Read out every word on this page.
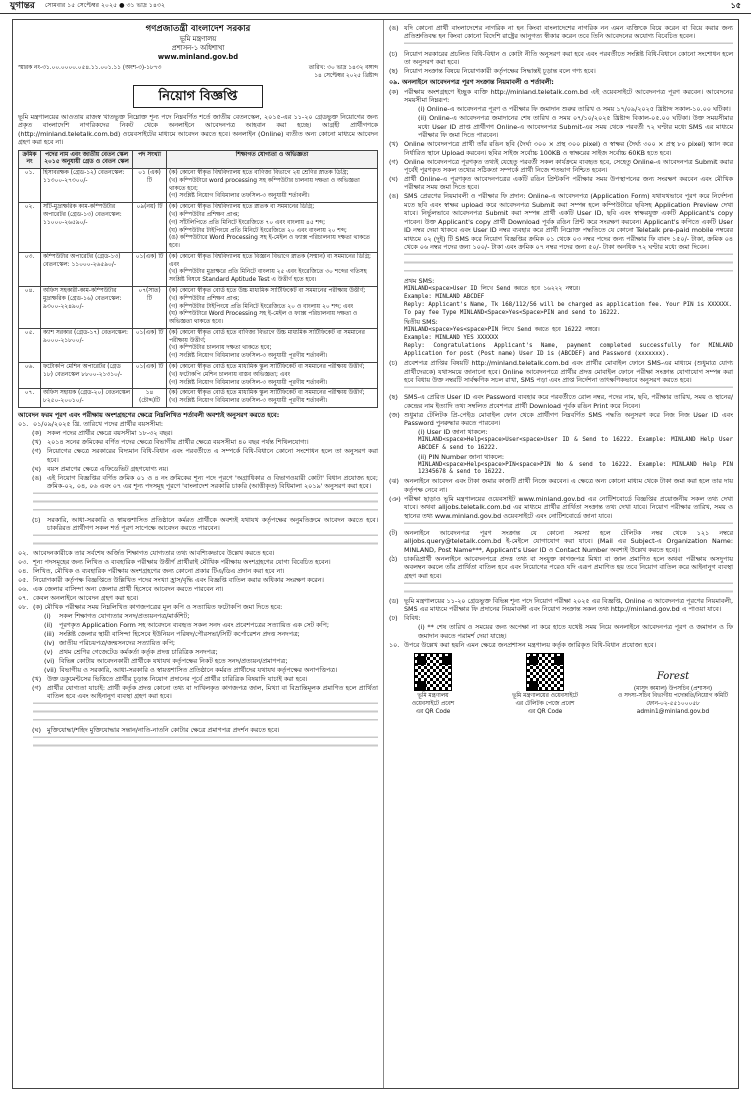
যুগান্তর সোমবার ১৫ সেপ্টেম্বর ২০২৫ ● ৩১ ভাদ্র ১৪৩২	১৫
গণপ্রজাতন্ত্রী বাংলাদেশ সরকার
ভূমি মন্ত্রণালয়
প্রশাসন-১ অধিশাখা
www.minland.gov.bd
স্মারক নং-৩১.০০.০০০০.০৫৪.১১.০০১.১১ (অংশ-৩)-১৮৭৩	তারিখ: ৩০ ভাদ্র ১৪৩২ বঙ্গাব্দ
১৪ সেপ্টেম্বর ২০২৫ খ্রিষ্টাব্দ
নিয়োগ বিজ্ঞপ্তি

ভূমি মন্ত্রণালয়ের আওতায় রাজস্ব খাতভুক্ত নিম্নোক্ত শূন্য পদে নিম্নবর্ণিত শর্তে জাতীয় বেতনস্কেল, ২০১৫-এর ১১-২০ গ্রেডভুক্ত নিয়োগের জন্য প্রকৃত বাংলাদেশি নাগরিকদের নিকট থেকে অনলাইনে আবেদনপত্র আহবান করা হচ্ছে। আগ্রহী প্রার্থীগণকে (http://minland.teletalk.com.bd) ওয়েবসাইটের মাধ্যমে আবেদন করতে হবে। অনলাইন (Online) ব্যতীত অন্য কোনো মাধ্যমে আবেদন গ্রহণ করা হবে না।

ক্রমিক নং	পদের নাম এবং জাতীয় বেতন স্কেল ২০১৫ অনুযায়ী গ্রেড ও বেতন স্কেল	পদ সংখ্যা	শিক্ষাগত যোগ্যতা ও অভিজ্ঞতা
০১.	হিসাবরক্ষক (গ্রেড-১২) বেতনস্কেল: ১১৩০০-২৭৩০০/-	০১ (এক) টি	(ক) কোনো স্বীকৃত বিশ্ববিদ্যালয় হতে বাণিজ্য বিভাগে ২য় শ্রেণির স্নাতক ডিগ্রি;
(খ) কম্পিউটারে word processing সহ কম্পিউটার চালনায় দক্ষতা ও অভিজ্ঞতা থাকতে হবে;
(গ) সংশ্লিষ্ট নিয়োগ বিধিমালার তফসিল-৩ অনুযায়ী শর্তাবলী।

০২.	সাঁট-মুদ্রাক্ষরিক কাম-কম্পিউটার অপারেটর (গ্রেড-১৩) বেতনস্কেল: ১১০০০-২৬৫৯০/-	০৯(নয়) টি	(ক) কোনো স্বীকৃত বিশ্ববিদ্যালয় হতে স্নাতক বা সমমানের ডিগ্রি;
(খ) কম্পিউটার প্রশিক্ষণ প্রাপ্ত;
(গ) সাঁটলিপিতে প্রতি মিনিটে ইংরেজিতে ৭০ এবং বাংলায় ৪৫ শব্দ;
(ঘ) কম্পিউটার টাইপিংয়ে প্রতি মিনিটে ইংরেজিতে ২০ এবং বাংলায় ২০ শব্দ;
(ঙ) কম্পিউটারে Word Processing সহ ই-মেইল ও ফ্যাক্স পরিচালনায় দক্ষতা থাকতে হবে।

০৩.	কম্পিউটার অপারেটর (গ্রেড-১৩) বেতনস্কেল: ১১০০০-২৬৫৯০/-	০১(এক) টি	(ক) কোনো স্বীকৃত বিশ্ববিদ্যালয় হতে বিজ্ঞান বিভাগে স্নাতক (সম্মান) বা সমমানের ডিগ্রি; এবং
(খ) কম্পিউটার মুদ্রাক্ষরে প্রতি মিনিটে বাংলায় ২৫ এবং ইংরেজিতে ৩০ শব্দের গতিসহ সংশ্লিষ্ট বিষয়ে Standard Aptitude Test এ উত্তীর্ণ হতে হবে।

০৪.	অফিস সহকারী-কাম-কম্পিউটার মুদ্রাক্ষরিক (গ্রেড-১৬) বেতনস্কেল: ৯৩০০-২২৪৯০/-	০৭(সাত) টি	(ক) কোনো স্বীকৃত বোর্ড হতে উচ্চ মাধ্যমিক সার্টিফিকেট বা সমমানের পরীক্ষায় উত্তীর্ণ;
(খ) কম্পিউটার প্রশিক্ষণ প্রাপ্ত;
(গ) কম্পিউটার টাইপিংয়ে প্রতি মিনিটে ইংরেজিতে ২০ ও বাংলায় ২০ শব্দ; এবং
(ঘ) কম্পিউটারে Word Processing সহ ই-মেইল ও ফ্যাক্স পরিচালনায় দক্ষতা ও অভিজ্ঞতা থাকতে হবে।

০৫.	ক্যাশ সরকার (গ্রেড-১৭) বেতনস্কেল: ৯০০০-২১৮০০/-	০১(এক) টি	(ক) কোনো স্বীকৃত বোর্ড হতে বাণিজ্য বিভাগে উচ্চ মাধ্যমিক সার্টিফিকেট বা সমমানের পরীক্ষায় উত্তীর্ণ;
(খ) কম্পিউটার চালনায় দক্ষতা থাকতে হবে;
(গ) সংশ্লিষ্ট নিয়োগ বিধিমালার তফসিল-৩ অনুযায়ী পূরণীয় শর্তাবলী।

০৬.	ফটোকপি মেশিন অপারেটর (গ্রেড ১৮) বেতনস্কেল ৮৮০০-২১৩১০/-	০১(এক) টি	(ক) কোনো স্বীকৃত বোর্ড হতে মাধ্যমিক স্কুল সার্টিফিকেট বা সমমানের পরীক্ষায় উত্তীর্ণ;
(খ) ফটোকপি মেশিন চালনায় বাস্তব অভিজ্ঞতা; এবং
(গ) সংশ্লিষ্ট নিয়োগ বিধিমালার তফসিল-৩ অনুযায়ী পূরণীয় শর্তাবলী।

০৭.	অফিস সহায়ক (গ্রেড-২০) বেতনস্কেল ৮২৫০-২০০১০/-	১৪ (চৌদ্দ)টি	(ক) কোনো স্বীকৃত বোর্ড হতে মাধ্যমিক স্কুল সার্টিফিকেট বা সমমানের পরীক্ষায় উত্তীর্ণ;
(খ) সংশ্লিষ্ট নিয়োগ বিধিমালার তফসিল-৩ অনুযায়ী পূরণীয় শর্তাবলী।
আবেদন ফরম পূরণ এবং পরীক্ষায় অংশগ্রহণের ক্ষেত্রে নিম্নলিখিত শর্তাবলী অবশ্যই অনুসরণ করতে হবে:
০১. ০১/০৯/২০২৫ খ্রি. তারিখে পদের প্রার্থীর বয়সসীমা:
(ক) সকল পদের প্রার্থীর ক্ষেত্রে বয়সসীমা ১৮-৩২ বছর।
(খ) ২০১৪ সনের ক্রমিকের বর্ণিত পদের ক্ষেত্রে বিভাগীয় প্রার্থীর ক্ষেত্রে বয়সসীমা ৪০ বছর পর্যন্ত শিথিলযোগ্য।
(গ) নিয়োগের ক্ষেত্রে সরকারের বিদ্যমান বিধি-বিধান এবং পরবর্তীতে এ সম্পর্কে বিধি-বিধানে কোনো সংশোধন হলে তা অনুসরণ করা হবে।
(ঘ) বয়স প্রমাণের ক্ষেত্রে এফিডেভিট গ্রহণযোগ্য নয়।
(ঙ) এই নিয়োগ বিজ্ঞপ্তির বর্ণিত ক্রমিক ০১ ও ৪ নং ক্রমিকের শূন্য পদে পূরণে 'অগ্রাধিকার ও বিভাগওয়ারী কোটা' বিধান প্রযোজ্য হবে; ক্রমিক-০২, ০৪, ০৬ এবং ০৭ এর শূন্য পদসমূহ পূরণে 'বাংলাদেশ সরকারি চাকরি (আত্তীকৃত) বিধিমালা ২০১৯' অনুসরণ করা হবে।
(চ)	সরকারি, আধা-সরকারি ও স্বায়ত্তশাসিত প্রতিষ্ঠানে কর্মরত প্রার্থীকে অবশ্যই যথাযথ কর্তৃপক্ষের অনুমতিক্রমে আবেদন করতে হবে। চাকরিরত প্রার্থীগণ সকল শর্ত পূরণ সাপেক্ষে আবেদন করতে পারবেন।
০২. আবেদনকারীকে তার সর্বশেষ অর্জিত শিক্ষাগত যোগ্যতার তথ্য আবশ্যিকভাবে উল্লেখ করতে হবে।
০৩. শূন্য পদসমূহের জন্য লিখিত ও ব্যবহারিক পরীক্ষায় উত্তীর্ণ প্রার্থীরাই মৌখিক পরীক্ষায় অংশগ্রহণের যোগ্য বিবেচিত হবেন।
০৪. লিখিত, মৌখিক ও ব্যবহারিক পরীক্ষায় অংশগ্রহণের জন্য কোনো প্রকার টিএ/ডিএ প্রদান করা হবে না।
০৫. নিয়োগকারী কর্তৃপক্ষ বিজ্ঞপ্তিতে উল্লিখিত পদের সংখ্যা হ্রাস/বৃদ্ধি এবং বিজ্ঞপ্তি বাতিল করার অধিকার সংরক্ষণ করেন।
০৬. এক জেলার বাসিন্দা অন্য জেলার প্রার্থী হিসেবে আবেদন করতে পারবেন না।
০৭. কেবল অনলাইনে আবেদন গ্রহণ করা হবে।
০৮. (ক) মৌখিক পরীক্ষার সময় নিম্নলিখিত কাগজপত্রের মূল কপি ও সত্যায়িত ফটোকপি জমা দিতে হবে:
(i)	সকল শিক্ষাগত যোগ্যতার সনদ/প্রত্যয়নপত্র/মার্কশিট;
(ii)	পূরণকৃত Application Form সহ আবেদনে ব্যবহৃত সকল সনদ এবং প্রবেশপত্রের সত্যায়িত এক সেট কপি;
(iii) সংশ্লিষ্ট জেলার স্থায়ী বাসিন্দা হিসেবে ইউনিয়ন পরিষদ/পৌরসভা/সিটি কর্পোরেশন প্রদত্ত সনদপত্র;
(iv) জাতীয় পরিচয়পত্র/জন্মসনদের সত্যায়িত কপি;
(v) প্রথম শ্রেণির গেজেটেড কর্মকর্তা কর্তৃক প্রদত্ত চারিত্রিক সনদপত্র;
(vi) বিভিন্ন কোটায় আবেদনকারী প্রার্থীকে যথাযথ কর্তৃপক্ষের নিকট হতে সনদ/প্রত্যয়ন/প্রমাণপত্র;
(vii) বিভাগীয় ও সরকারি, আধা-সরকারি ও স্বায়ত্তশাসিত প্রতিষ্ঠানে কর্মরত প্রার্থীদের যথাযথ কর্তৃপক্ষের অনাপত্তিপত্র।
(খ) উক্ত ডকুমেন্টসের ভিত্তিতে প্রার্থীর চূড়ান্ত নিয়োগ প্রদানের পূর্বে প্রার্থীর চারিত্রিক বিষয়াদি যাচাই করা হবে।
(গ) প্রার্থীর যোগ্যতা যাচাই: প্রার্থী কর্তৃক প্রদত্ত কোনো তথ্য বা দাখিলকৃত কাগজপত্র জাল, মিথ্যা বা বিভ্রান্তিমূলক প্রমাণিত হলে প্রার্থিতা বাতিল হবে এবং আইনানুগ ব্যবস্থা গ্রহণ করা হবে।
(ঘ) মুক্তিযোদ্ধা/শহিদ মুক্তিযোদ্ধার সন্তান/নাতি-নাতনি কোটার ক্ষেত্রে প্রমাণপত্র প্রদর্শন করতে হবে।
(ঙ) যদি কোনো প্রার্থী বাংলাদেশের নাগরিক না হন কিংবা বাংলাদেশের নাগরিক নন এমন ব্যক্তিকে বিয়ে করেন বা বিয়ে করার জন্য প্রতিশ্রুতিবদ্ধ হন কিংবা কোনো বিদেশি রাষ্ট্রের আনুগত্য স্বীকার করেন তবে তিনি আবেদনের অযোগ্য বিবেচিত হবেন।
(চ)	নিয়োগ সরকারের প্রচলিত বিধি-বিধান ও কোটা নীতি অনুসরণ করা হবে এবং পরবর্তীতে সংশ্লিষ্ট বিধি-বিধানে কোনো সংশোধন হলে তা অনুসরণ করা হবে।
(ছ) নিয়োগ সংক্রান্ত বিষয়ে নিয়োগকারী কর্তৃপক্ষের সিদ্ধান্তই চূড়ান্ত বলে গণ্য হবে।
০৯. অনলাইনে আবেদনপত্র পূরণ সংক্রান্ত নিয়মাবলী ও শর্তাবলী:
(ক) পরীক্ষায় অংশগ্রহণে ইচ্ছুক ব্যক্তি http://minland.teletalk.com.bd এই ওয়েবসাইটে আবেদনপত্র পূরণ করবেন। আবেদনের সময়সীমা নিম্নরূপ:
(i) Online-এ আবেদনপত্র পূরণ ও পরীক্ষার ফি জমাদান শুরুর তারিখ ও সময় ১৭/০৯/২০২৫ খ্রিষ্টাব্দ সকাল-১০.০০ ঘটিকা।
(ii) Online-এ আবেদনপত্র জমাদানের শেষ তারিখ ও সময় ০৭/১০/২০২৫ খ্রিষ্টাব্দ বিকাল-০৫.০০ ঘটিকা। উক্ত সময়সীমার মধ্যে User ID প্রাপ্ত প্রার্থীগণ Online-এ আবেদনপত্র Submit-এর সময় থেকে পরবর্তী ৭২ ঘণ্টার মধ্যে SMS এর মাধ্যমে পরীক্ষার ফি জমা দিতে পারবেন।
(খ) Online আবেদনপত্রে প্রার্থী তাঁর রঙিন ছবি (দৈর্ঘ্য ৩০০ × প্রস্থ ৩০০ pixel) ও স্বাক্ষর (দৈর্ঘ্য ৩০০ × প্রস্থ ৮০ pixel) স্ক্যান করে নির্ধারিত স্থানে Upload করবেন। ছবির সাইজ সর্বোচ্চ 100KB ও স্বাক্ষরের সাইজ সর্বোচ্চ 60KB হতে হবে।
(গ) Online আবেদনপত্রে পূরণকৃত তথ্যই যেহেতু পরবর্তী সকল কার্যক্রমে ব্যবহৃত হবে, সেহেতু Online-এ আবেদনপত্র Submit করার পূর্বেই পূরণকৃত সকল তথ্যের সঠিকতা সম্পর্কে প্রার্থী নিজে শতভাগ নিশ্চিত হবেন।
(ঘ) প্রার্থী Online-এ পূরণকৃত আবেদনপত্রের একটি রঙিন প্রিন্টকপি পরীক্ষার সময় উপস্থাপনের জন্য সংরক্ষণ করবেন এবং মৌখিক পরীক্ষার সময় জমা দিতে হবে।
(ঙ) SMS প্রেরণের নিয়মাবলী ও পরীক্ষার ফি প্রদান: Online-এ আবেদনপত্র (Application Form) যথাযথভাবে পূরণ করে নির্দেশনা মতে ছবি এবং স্বাক্ষর upload করে আবেদনপত্র Submit করা সম্পন্ন হলে কম্পিউটারে ছবিসহ Application Preview দেখা যাবে। নির্ভুলভাবে আবেদনপত্র Submit করা সম্পন্ন প্রার্থী একটি User ID, ছবি এবং স্বাক্ষরযুক্ত একটি Applicant's copy পাবেন। উক্ত Applicant's copy প্রার্থী Download পূর্বক রঙিন প্রিন্ট করে সংরক্ষণ করবেন। Applicant's কপিতে একটি User ID নম্বর দেয়া থাকবে এবং User ID নম্বর ব্যবহার করে প্রার্থী নিম্নোক্ত পদ্ধতিতে যে কোনো Teletalk pre-paid mobile নম্বরের মাধ্যমে ০২ (দুই) টি SMS করে নিয়োগ বিজ্ঞপ্তির ক্রমিক ০১ থেকে ০৩ নম্বর পদের জন্য পরীক্ষার ফি বাবদ ১৫০/- টাকা, ক্রমিক ০৪ থেকে ০৬ নম্বর পদের জন্য ১০০/- টাকা এবং ক্রমিক ০৭ নম্বর পদের জন্য ৫০/- টাকা অনধিক ৭২ ঘণ্টার মধ্যে জমা দিবেন।
প্রথম SMS:
MINLAND<space>User ID লিখে Send করতে হবে ১৬২২২ নম্বরে।
Example: MINLAND ABCDEF
Reply: Applicant's Name, Tk 168/112/56 will be charged as application fee. Your PIN is XXXXXX.
To pay fee Type MINLAND<Space>Yes<Space>PIN and send to 16222.
দ্বিতীয় SMS:
MINLAND<space>Yes<space>PIN লিখে Send করতে হবে 16222 নম্বরে।
Example: MINLAND YES XXXXXX
Reply: Congratulations Applicant's Name, payment completed successfully for MINLAND Application for post (Post name) User ID is (ABCDEF) and Password (xxxxxxx).
(চ)	প্রবেশপত্র প্রাপ্তির বিষয়টি http://minland.teletalk.com.bd এবং প্রার্থীর মোবাইল ফোনে SMS-এর মাধ্যমে (শুধুমাত্র যোগ্য প্রার্থীদেরকে) যথাসময়ে জানানো হবে। Online আবেদনপত্রে প্রার্থীর প্রদত্ত মোবাইল ফোনে পরীক্ষা সংক্রান্ত যোগাযোগ সম্পন্ন করা হবে বিধায় উক্ত নম্বরটি সার্বক্ষণিক সচল রাখা, SMS পড়া এবং প্রাপ্ত নির্দেশনা তাৎক্ষণিকভাবে অনুসরণ করতে হবে।
(ছ) SMS-এ প্রেরিত User ID এবং Password ব্যবহার করে পরবর্তীতে রোল নম্বর, পদের নাম, ছবি, পরীক্ষার তারিখ, সময় ও স্থানের/কেন্দ্রের নাম ইত্যাদি তথ্য সম্বলিত প্রবেশপত্র প্রার্থী Download পূর্বক রঙিন Print করে নিবেন।
(জ) শুধুমাত্র টেলিটক প্রি-পেইড মোবাইল ফোন থেকে প্রার্থীগণ নিম্নবর্ণিত SMS পদ্ধতি অনুসরণ করে নিজ নিজ User ID এবং Password পুনরুদ্ধার করতে পারবেন।
(i) User ID জানা থাকলে:
MINLAND<space>Help<space>User<space>User ID & Send to 16222. Example: MINLAND Help User ABCDEF & send to 16222.
(ii) PIN Number জানা থাকলে:
MINLAND<space>Help<space>PIN<space>PIN No & send to 16222. Example: MINLAND Help PIN 12345678 & send to 16222.
(ঝ) অনলাইনে আবেদন এবং টাকা জমার কাজটি প্রার্থী নিজে করবেন। এ ক্ষেত্রে অন্য কোনো মাধ্যম থেকে টাকা জমা করা হলে তার দায় কর্তৃপক্ষ নেবে না।
(ঞ) পরীক্ষা ছাড়াও ভূমি মন্ত্রণালয়ের ওয়েবসাইট www.minland.gov.bd এর নোটিশবোর্ডে বিজ্ঞপ্তির প্রয়োজনীয় সকল তথ্য দেখা যাবে। অথবা alljobs.teletalk.com.bd এর মাধ্যমে প্রার্থীর প্রার্থিতা সংক্রান্ত তথ্য দেখা যাবে। নিয়োগ পরীক্ষার তারিখ, সময় ও স্থানের তথ্য www.minland.gov.bd ওয়েবসাইটে এবং নোটিশবোর্ডে জানা যাবে।
(ট)	অনলাইনে আবেদনপত্র পূরণ সংক্রান্ত যে কোনো সমস্যা হলে টেলিটক নম্বর থেকে ১২১ নম্বরে alljobs.query@teletalk.com.bd ই-মেইলে যোগাযোগ করা যাবে। (Mail এর Subject-এ Organization Name: MINLAND, Post Name***, Applicant's User ID ও Contact Number অবশ্যই উল্লেখ করতে হবে)।
(ঠ)	চাকরিপ্রার্থী অনলাইনে আবেদনপত্রে প্রদত্ত তথ্য বা সংযুক্ত কাগজপত্র মিথ্যা বা জাল প্রমাণিত হলে অথবা পরীক্ষায় অসদুপায় অবলম্বন করলে তাঁর প্রার্থিতা বাতিল হবে এবং নিয়োগের পরেও যদি এরূপ প্রমাণিত হয় তবে নিয়োগ বাতিল করে আইনানুগ ব্যবস্থা গ্রহণ করা হবে।
(ড) ভূমি মন্ত্রণালয়ের ১১-২০ গ্রেডভুক্ত বিভিন্ন শূন্য পদে নিয়োগ পরীক্ষা ২০২৫ এর বিজ্ঞপ্তি, Online এ আবেদনপত্র পূরণের নিয়মাবলী, SMS এর মাধ্যমে পরীক্ষার ফি প্রদানের নিয়মাবলী এবং নিয়োগ সংক্রান্ত সকল তথ্য http://minland.gov.bd এ পাওয়া যাবে।
(ঢ) বিবিধ:
(i) ** শেষ তারিখ ও সময়ের জন্য অপেক্ষা না করে হাতে যথেষ্ট সময় নিয়ে অনলাইনে আবেদনপত্র পূরণ ও জমাদান ও ফি জমাদান করতে পরামর্শ দেয়া যাচ্ছে।
১০. উপরে উল্লেখ করা হয়নি এমন ক্ষেত্রে জনপ্রশাসন মন্ত্রণালয় কর্তৃক জারিকৃত বিধি-বিধান প্রযোজ্য হবে।
ভূমি মন্ত্রণালয়
ওয়েবসাইটে প্রবেশ
এর QR Code
ভূমি মন্ত্রণালয়ের ওয়েবসাইটে
এর টেলিটক পেজে প্রবেশ
এর QR Code
Forest
(মাসুদ কামাল) উপসচিব (প্রশাসন)
ও সদস্য-সচিব বিভাগীয় পদোন্নতি/নিয়োগ কমিটি
ফোন-০২-৫৫১০০০৫৮
admin1@minland.gov.bd
